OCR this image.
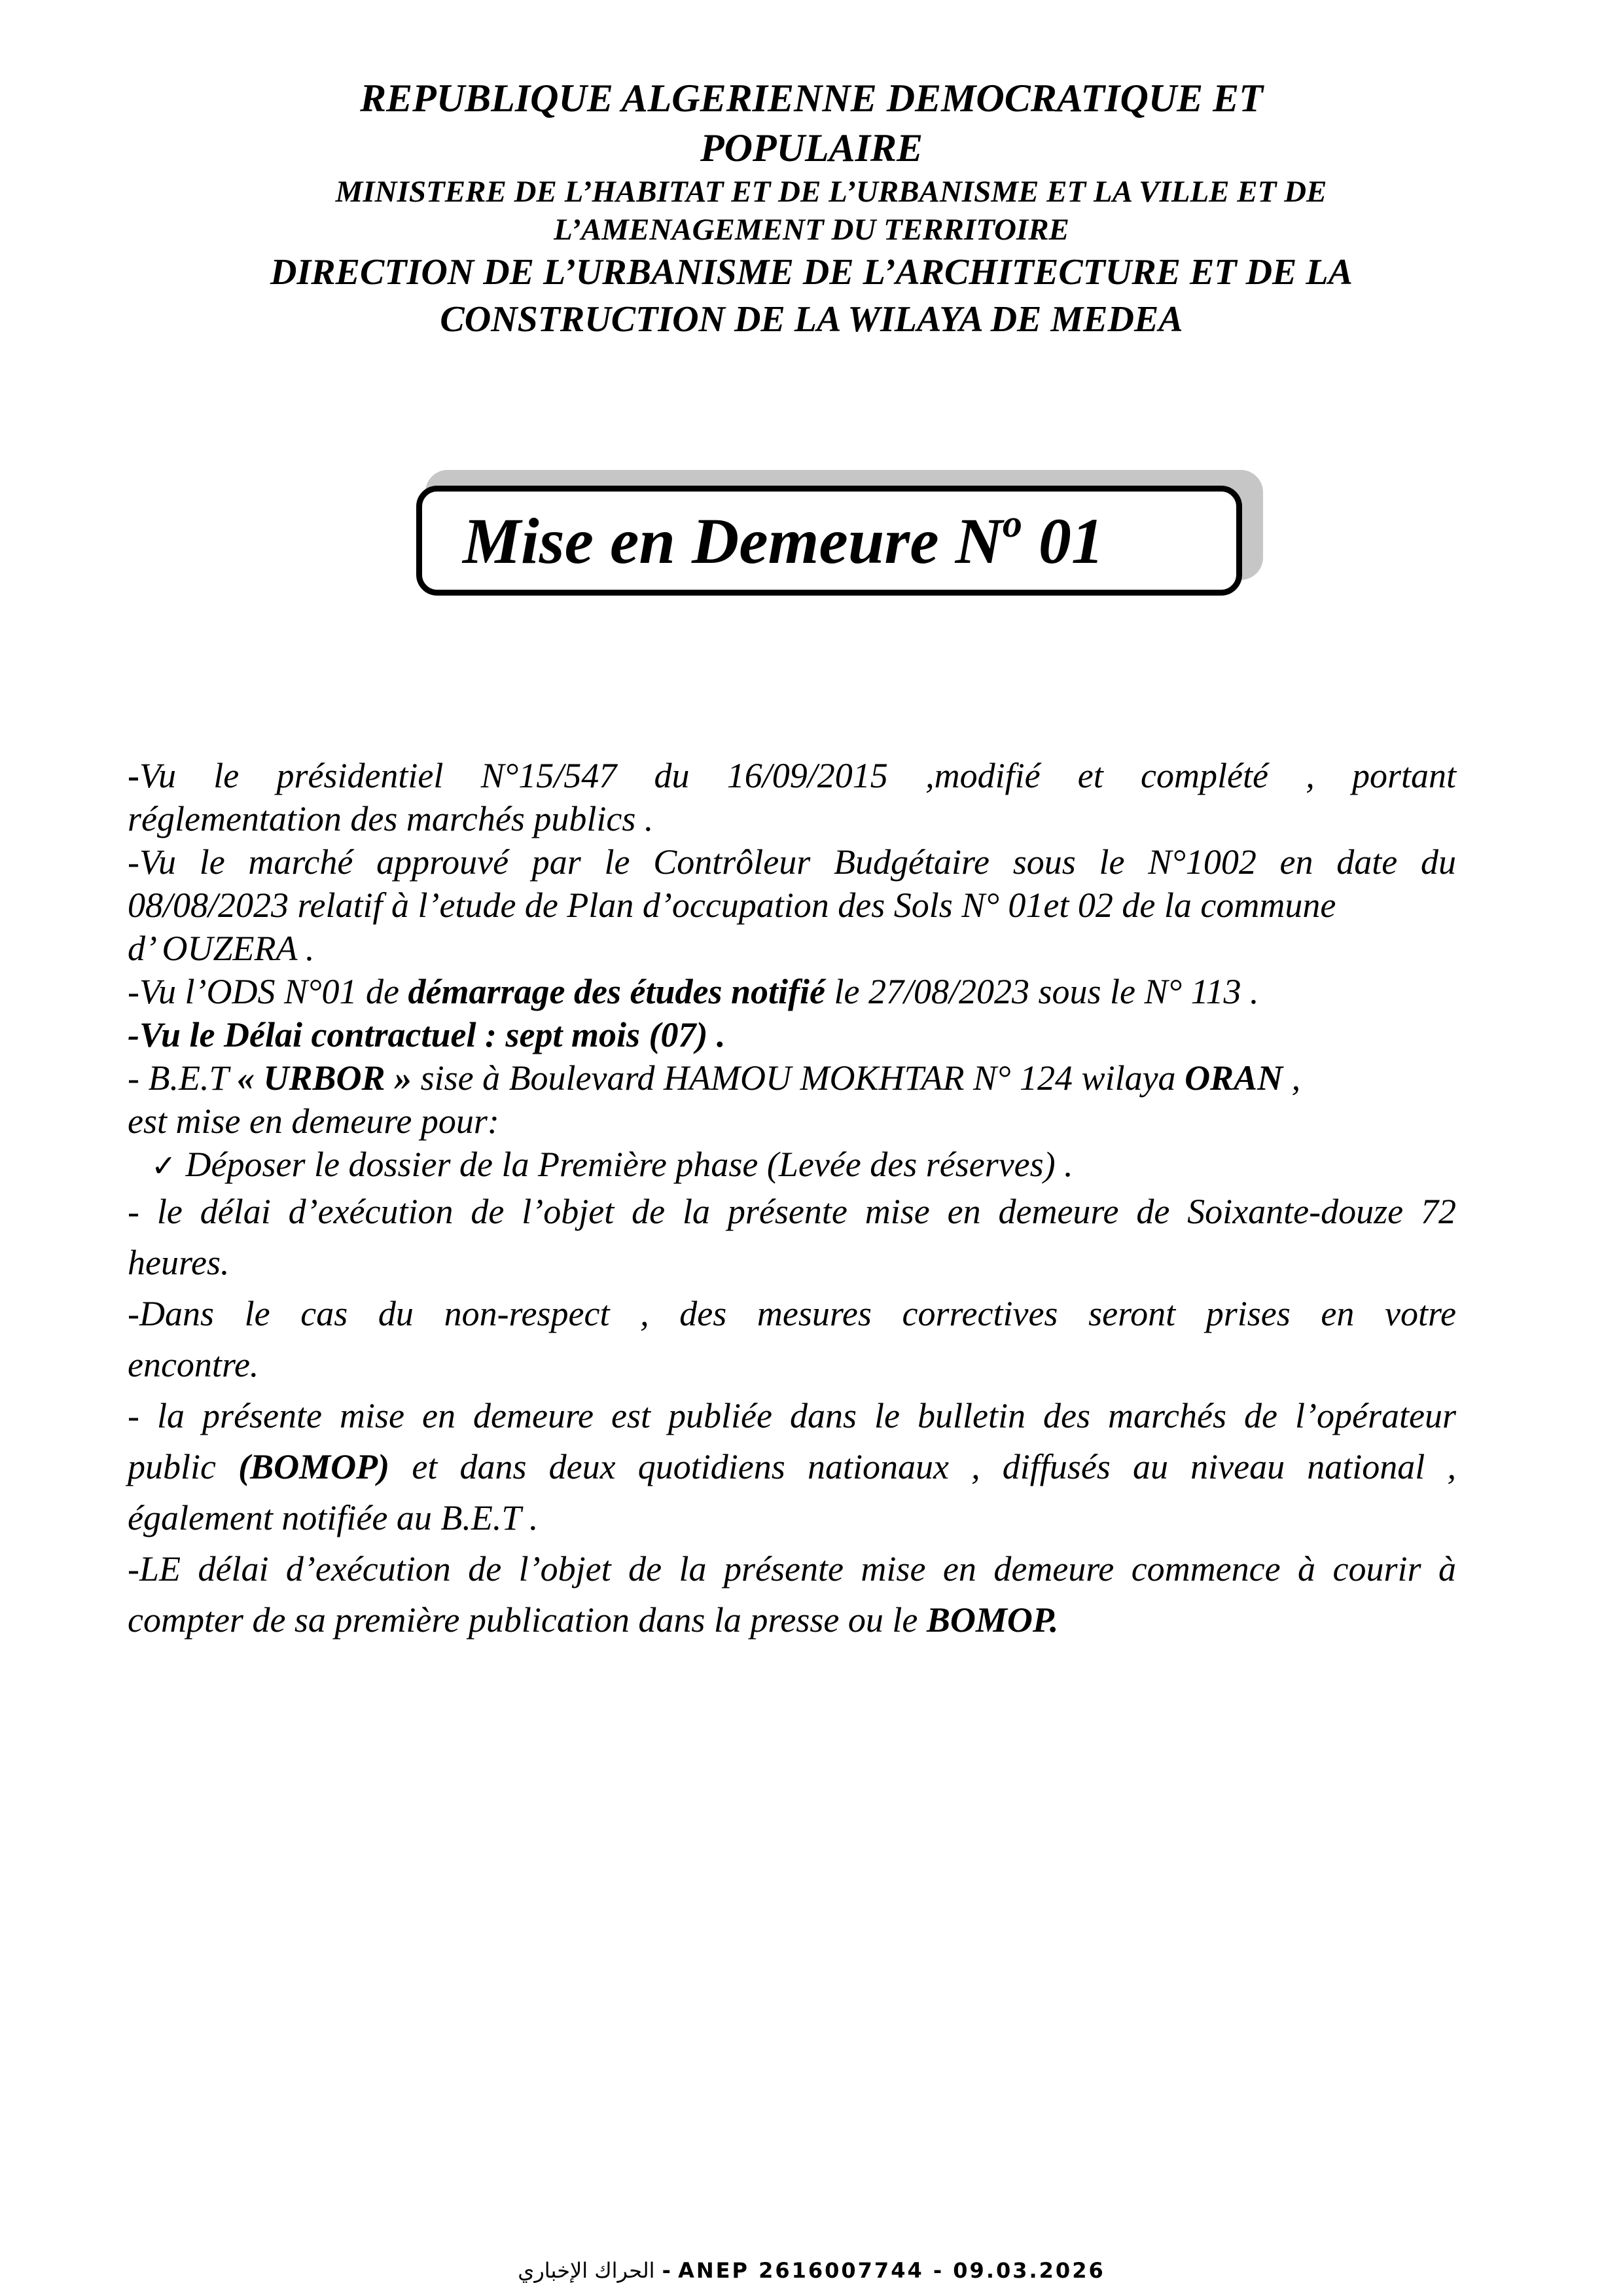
REPUBLIQUE ALGERIENNE DEMOCRATIQUE ET
POPULAIRE
MINISTERE DE L’HABITAT ET DE L’URBANISME ET LA VILLE ET DE
L’AMENAGEMENT DU TERRITOIRE
DIRECTION DE L’URBANISME DE L’ARCHITECTURE ET DE LA
CONSTRUCTION DE LA WILAYA DE MEDEA
Mise en Demeure $N^o$ 01
-Vu le présidentiel N°15/547 du 16/09/2015 ,modifié et complété , portant
réglementation des marchés publics .
-Vu le marché approuvé par le Contrôleur Budgétaire sous le N°1002 en date du
08/08/2023 relatif à l’etude de Plan d’occupation des Sols N° 01et 02 de la commune
d’ OUZERA .
-Vu l’ODS N°01 de démarrage des études notifié le 27/08/2023 sous le N° 113 .
-Vu le Délai contractuel : sept mois (07) .
- B.E.T « URBOR » sise à Boulevard HAMOU MOKHTAR N° 124 wilaya ORAN ,
est mise en demeure pour:
✓ Déposer le dossier de la Première phase (Levée des réserves) .
- le délai d’exécution de l’objet de la présente mise en demeure de Soixante-douze 72
heures.
-Dans le cas du non-respect , des mesures correctives seront prises en votre
encontre.
- la présente mise en demeure est publiée dans le bulletin des marchés de l’opérateur
public (BOMOP) et dans deux quotidiens nationaux , diffusés au niveau national ,
également notifiée au B.E.T .
-LE délai d’exécution de l’objet de la présente mise en demeure commence à courir à
compter de sa première publication dans la presse ou le BOMOP.
الحراك الإخباري - ANEP 2616007744 - 09.03.2026
